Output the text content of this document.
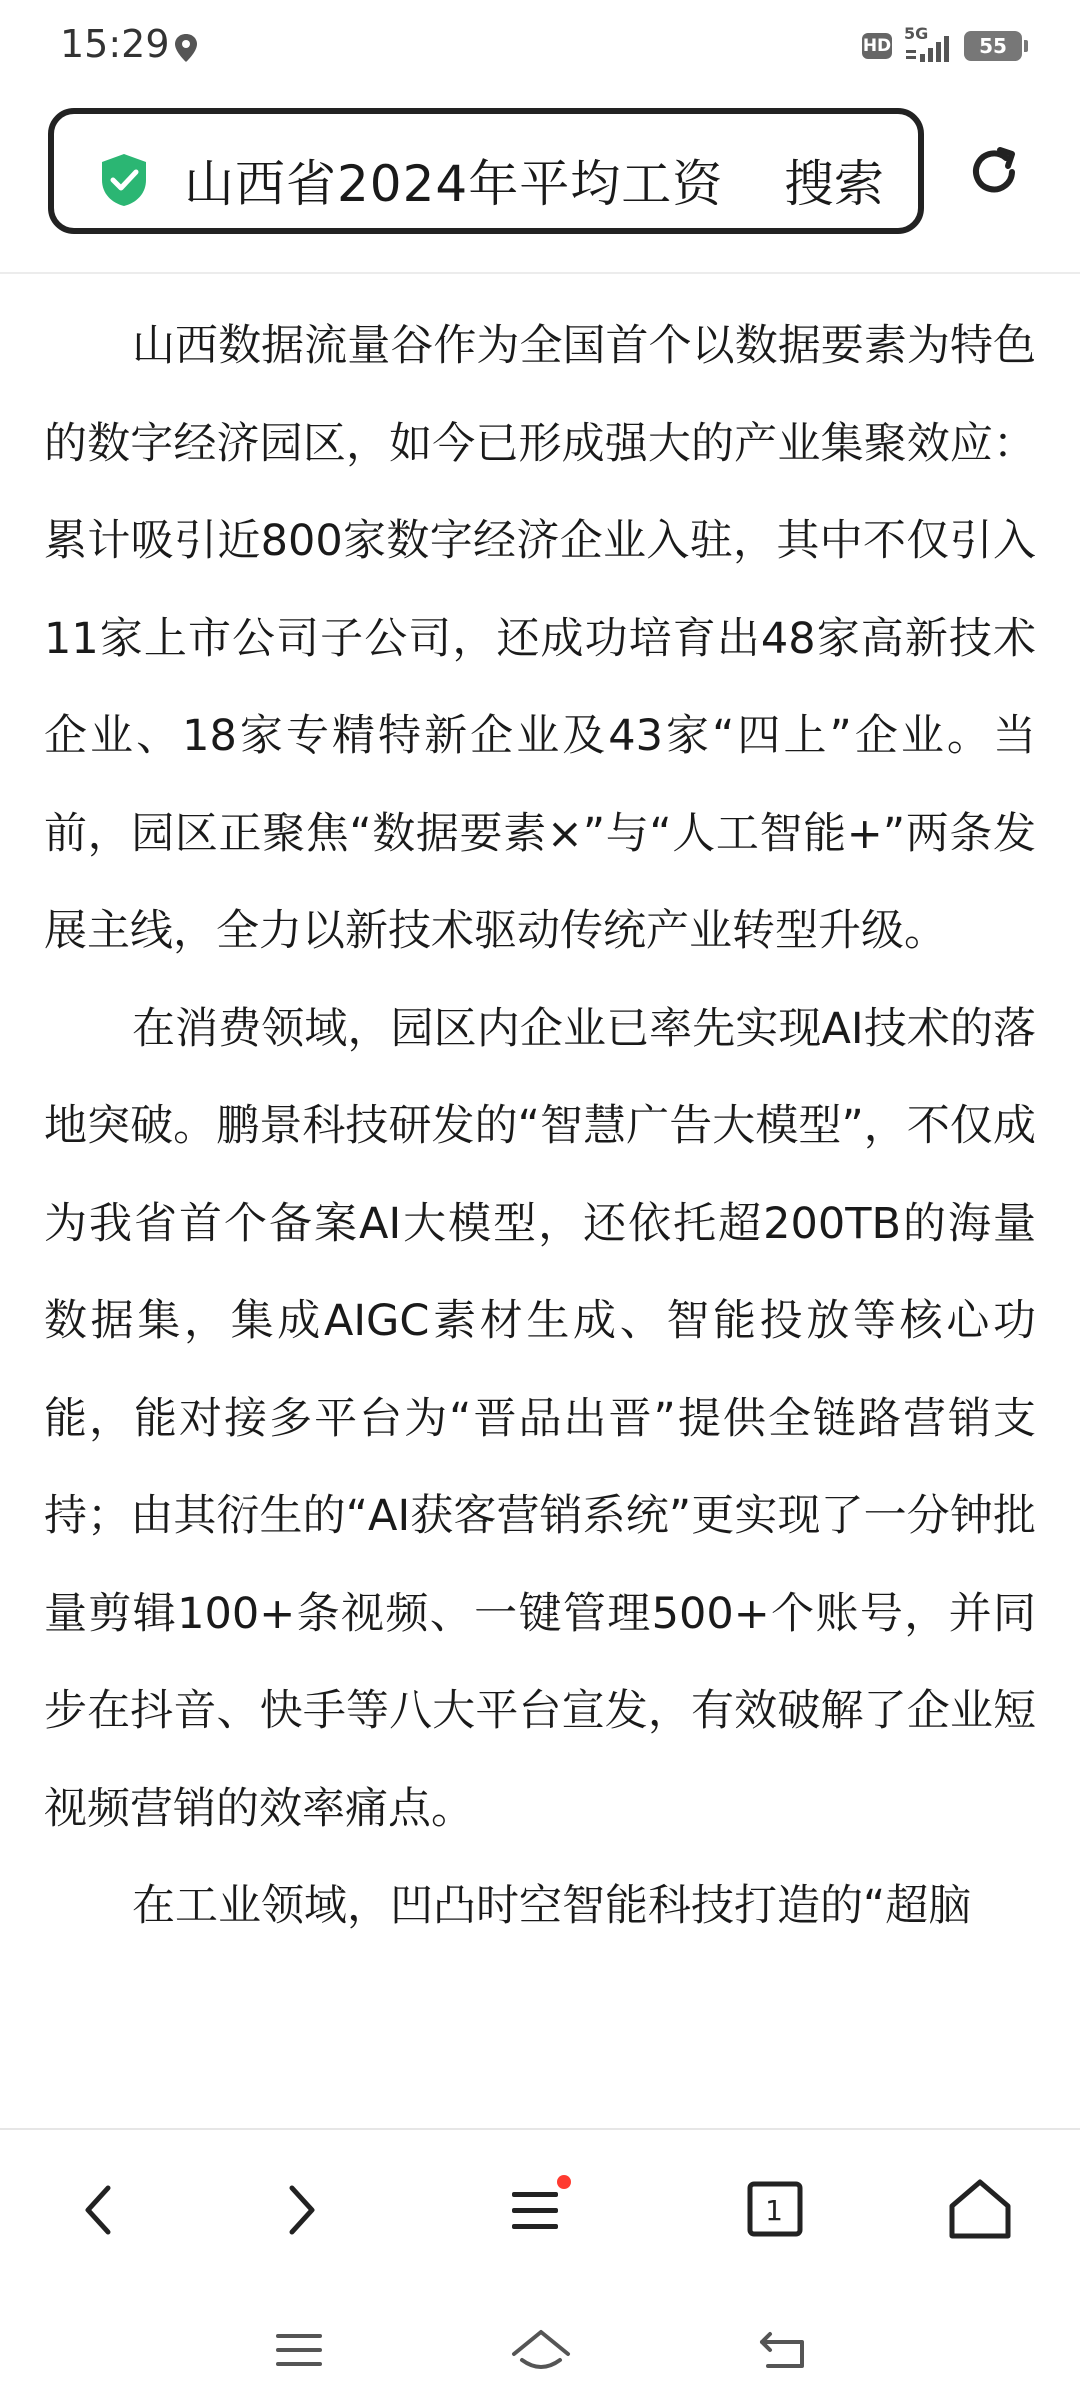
15:29	HD
5G
55
山西省2024年平均工资 搜索

山西数据流量谷作为全国首个以数据要素为特色的数字经济园区，如今已形成强大的产业集聚效应：累计吸引近800家数字经济企业入驻，其中不仅引入11家上市公司子公司，还成功培育出48家高新技术企业、18家专精特新企业及43家“四上”企业。当前，园区正聚焦“数据要素×”与“人工智能+”两条发展主线，全力以新技术驱动传统产业转型升级。

在消费领域，园区内企业已率先实现AI技术的落地突破。鹏景科技研发的“智慧广告大模型”，不仅成为我省首个备案AI大模型，还依托超200TB的海量数据集，集成AIGC素材生成、智能投放等核心功能，能对接多平台为“晋品出晋”提供全链路营销支持；由其衍生的“AI获客营销系统”更实现了一分钟批量剪辑100+条视频、一键管理500+个账号，并同步在抖音、快手等八大平台宣发，有效破解了企业短视频营销的效率痛点。

在工业领域，凹凸时空智能科技打造的“超脑

1
